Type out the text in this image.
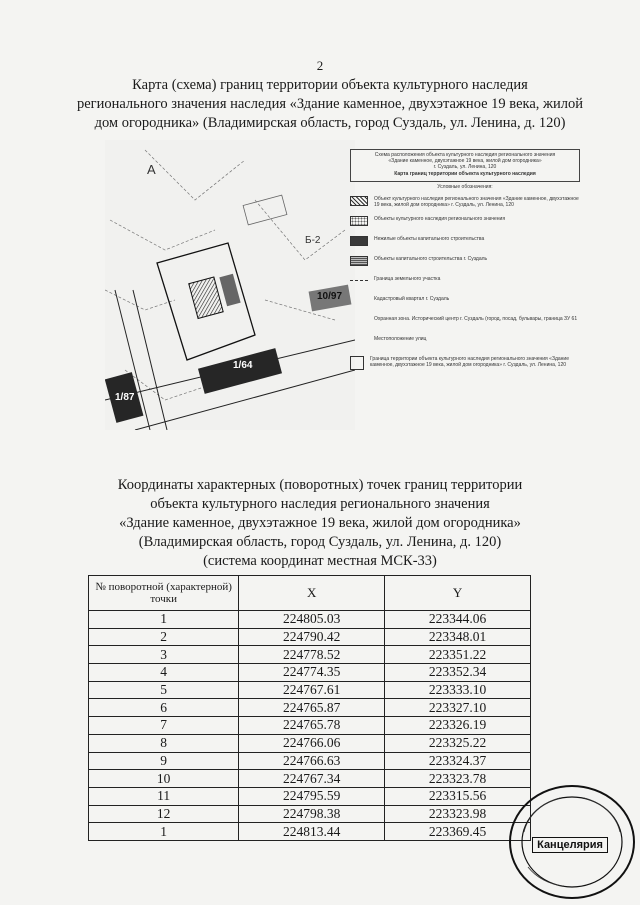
2
Карта (схема) границ территории объекта культурного наследия
регионального значения наследия «Здание каменное, двухэтажное 19 века, жилой
дом огородника» (Владимирская область, город Суздаль, ул. Ленина, д. 120)
А
Б-2
1/87
1/64
10/97
Схема расположения объекта культурного наследия регионального значения
«Здание каменное, двухэтажное 19 века, жилой дом огородника»
г. Суздаль, ул. Ленина, 120
Карта границ территории объекта культурного наследия
Условные обозначения:
Объект культурного наследия регионального значения «Здание каменное, двухэтажное 19 века, жилой дом огородника» г. Суздаль, ул. Ленина, 120
Объекты культурного наследия регионального значения
Нежилые объекты капитального строительства
Объекты капитального строительства г. Суздаль
Граница земельного участка
Кадастровый квартал г. Суздаль
Охранная зона. Исторический центр г. Суздаль (город, посад, бульвары, граница ЗУ 61
Местоположение улиц
Граница территории объекта культурного наследия регионального значения «Здание каменное, двухэтажное 19 века, жилой дом огородника» г. Суздаль, ул. Ленина, 120
Координаты характерных (поворотных) точек границ территории
объекта культурного наследия регионального значения
«Здание каменное, двухэтажное 19 века, жилой дом огородника»
(Владимирская область, город Суздаль, ул. Ленина, д. 120)
(система координат местная МСК-33)
№ поворотной (характерной) точки	X	Y
1	224805.03	223344.06
2	224790.42	223348.01
3	224778.52	223351.22
4	224774.35	223352.34
5	224767.61	223333.10
6	224765.87	223327.10
7	224765.78	223326.19
8	224766.06	223325.22
9	224766.63	223324.37
10	224767.34	223323.78
11	224795.59	223315.56
12	224798.38	223323.98
1	224813.44	223369.45
Канцелярия
